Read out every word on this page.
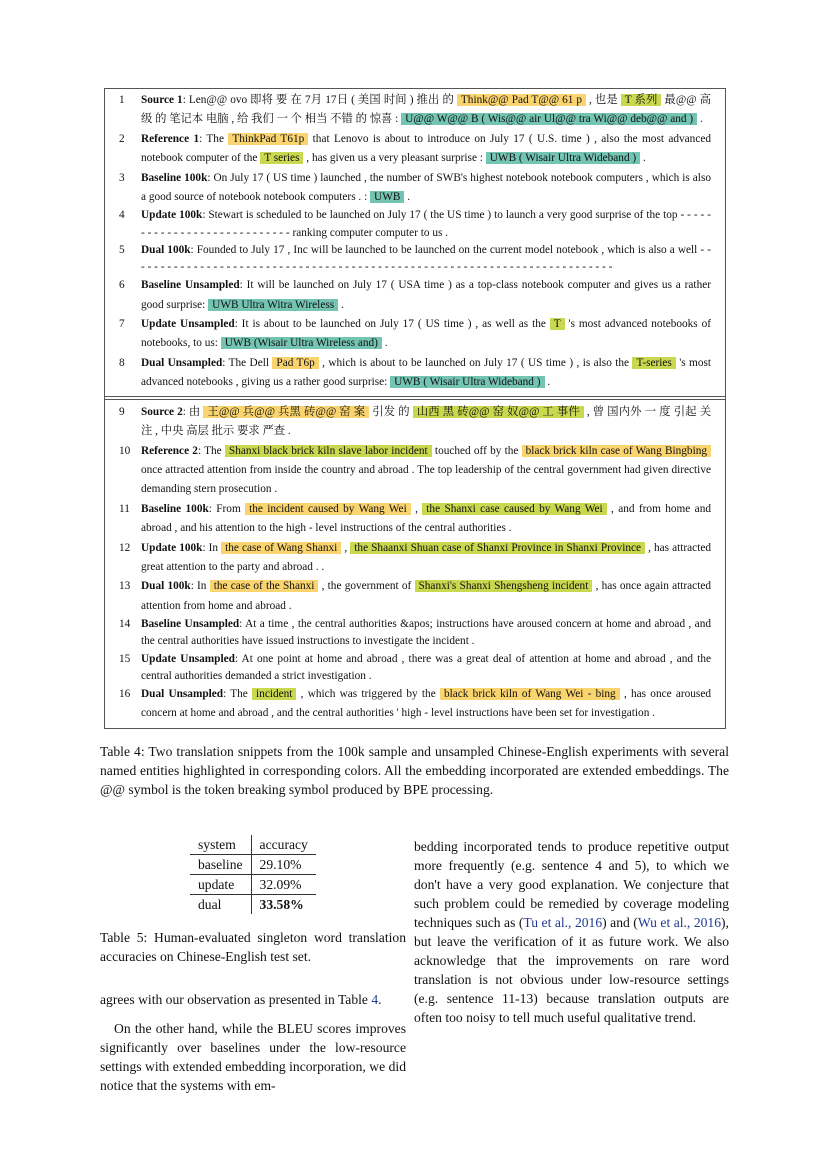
1	Source 1: Len@@ ovo 即将 要 在 7月 17日 ( 美国 时间 ) 推出 的 Think@@ Pad T@@ 61 p , 也是 T 系列 最@@ 高级 的 笔记本 电脑 , 给 我们 一 个 相当 不错 的 惊喜 : U@@ W@@ B ( Wis@@ air Ul@@ tra Wi@@ deb@@ and ) .
2	Reference 1: The ThinkPad T61p that Lenovo is about to introduce on July 17 ( U.S. time ) , also the most advanced notebook computer of the T series , has given us a very pleasant surprise : UWB ( Wisair Ultra Wideband ) .
3	Baseline 100k: On July 17 ( US time ) launched , the number of SWB's highest notebook notebook computers , which is also a good source of notebook notebook computers . : UWB .
4	Update 100k: Stewart is scheduled to be launched on July 17 ( the US time ) to launch a very good surprise of the top - - - - - - - - - - - - - - - - - - - - - - - - - - - - ranking computer computer to us .
5	Dual 100k: Founded to July 17 , Inc will be launched to be launched on the current model notebook , which is also a well - - - - - - - - - - - - - - - - - - - - - - - - - - - - - - - - - - - - - - - - - - - - - - - - - - - - - - - - - - - - - - - - - - - - - - - - - -
6	Baseline Unsampled: It will be launched on July 17 ( USA time ) as a top-class notebook computer and gives us a rather good surprise: UWB Ultra Witra Wireless .
7	Update Unsampled: It is about to be launched on July 17 ( US time ) , as well as the T 's most advanced notebooks of notebooks, to us: UWB (Wisair Ultra Wireless and) .
8	Dual Unsampled: The Dell Pad T6p , which is about to be launched on July 17 ( US time ) , is also the T-series 's most advanced notebooks , giving us a rather good surprise: UWB ( Wisair Ultra Wideband ) .
9	Source 2: 由 王@@ 兵@@ 兵黑 砖@@ 窑 案 引发 的 山西 黑 砖@@ 窑 奴@@ 工 事件 , 曾 国内外 一 度 引起 关注 , 中央 高层 批示 要求 严查 .
10 Reference 2: The Shanxi black brick kiln slave labor incident touched off by the black brick kiln case of Wang Bingbing once attracted attention from inside the country and abroad . The top leadership of the central government had given directive demanding stern prosecution .
11 Baseline 100k: From the incident caused by Wang Wei , the Shanxi case caused by Wang Wei , and from home and abroad , and his attention to the high - level instructions of the central authorities .
12 Update 100k: In the case of Wang Shanxi , the Shaanxi Shuan case of Shanxi Province in Shanxi Province , has attracted great attention to the party and abroad . .
13 Dual 100k: In the case of the Shanxi , the government of Shanxi's Shanxi Shengsheng incident , has once again attracted attention from home and abroad .
14 Baseline Unsampled: At a time , the central authorities &apos; instructions have aroused concern at home and abroad , and the central authorities have issued instructions to investigate the incident .
15 Update Unsampled: At one point at home and abroad , there was a great deal of attention at home and abroad , and the central authorities demanded a strict investigation .
16 Dual Unsampled: The incident , which was triggered by the black brick kiln of Wang Wei - bing , has once aroused concern at home and abroad , and the central authorities ' high - level instructions have been set for investigation .
Table 4: Two translation snippets from the 100k sample and unsampled Chinese-English experiments with several named entities highlighted in corresponding colors. All the embedding incorporated are extended embeddings. The @@ symbol is the token breaking symbol produced by BPE processing.
system	accuracy
baseline	29.10%
update	32.09%
dual	33.58%
Table 5: Human-evaluated singleton word translation accuracies on Chinese-English test set.

agrees with our observation as presented in Table 4.

On the other hand, while the BLEU scores improves significantly over baselines under the low-resource settings with extended embedding incorporation, we did notice that the systems with em-

bedding incorporated tends to produce repetitive output more frequently (e.g. sentence 4 and 5), to which we don't have a very good explanation. We conjecture that such problem could be remedied by coverage modeling techniques such as (Tu et al., 2016) and (Wu et al., 2016), but leave the verification of it as future work. We also acknowledge that the improvements on rare word translation is not obvious under low-resource settings (e.g. sentence 11-13) because translation outputs are often too noisy to tell much useful qualitative trend.
